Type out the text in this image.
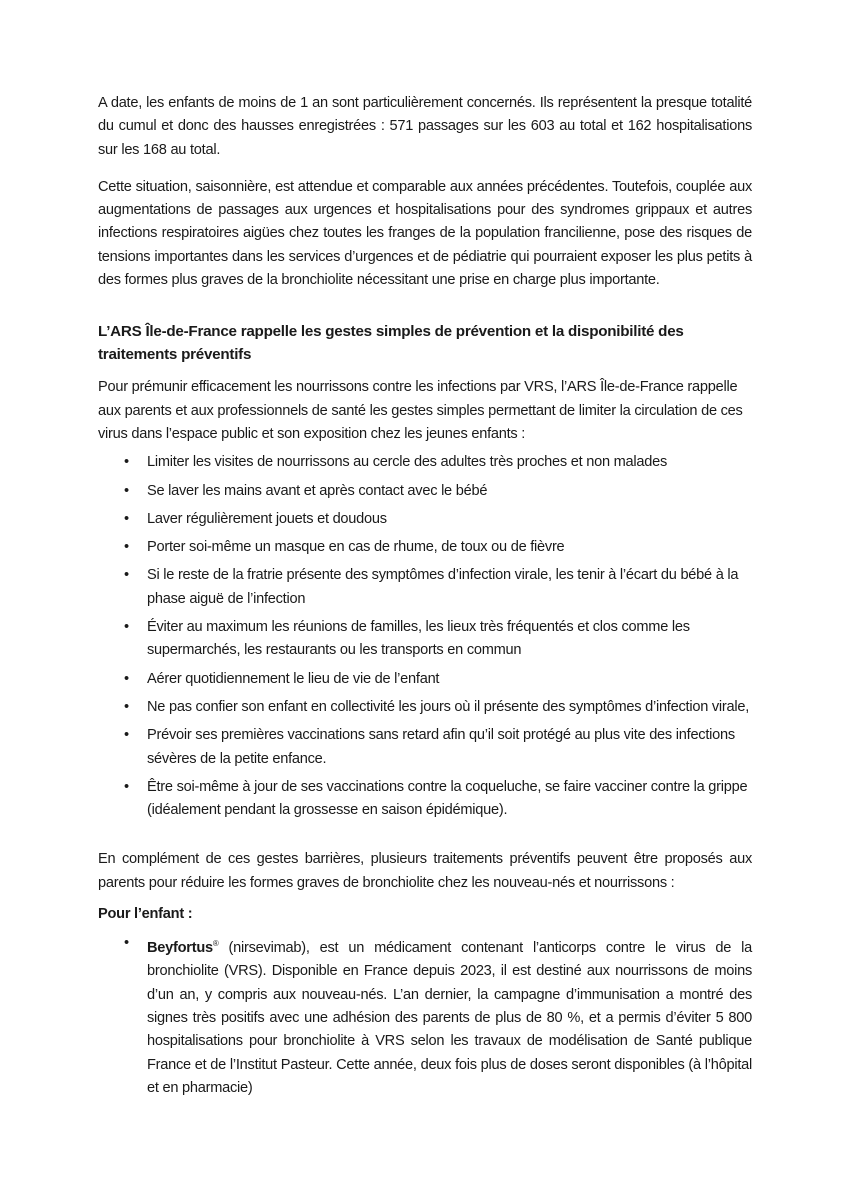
A date, les enfants de moins de 1 an sont particulièrement concernés. Ils représentent la presque totalité du cumul et donc des hausses enregistrées : 571 passages sur les 603 au total et 162 hospitalisations sur les 168 au total.

Cette situation, saisonnière, est attendue et comparable aux années précédentes. Toutefois, couplée aux augmentations de passages aux urgences et hospitalisations pour des syndromes grippaux et autres infections respiratoires aigües chez toutes les franges de la population francilienne, pose des risques de tensions importantes dans les services d’urgences et de pédiatrie qui pourraient exposer les plus petits à des formes plus graves de la bronchiolite nécessitant une prise en charge plus importante.

L’ARS Île-de-France rappelle les gestes simples de prévention et la disponibilité des traitements préventifs

Pour prémunir efficacement les nourrissons contre les infections par VRS, l’ARS Île-de-France rappelle aux parents et aux professionnels de santé les gestes simples permettant de limiter la circulation de ces virus dans l’espace public et son exposition chez les jeunes enfants :

• Limiter les visites de nourrissons au cercle des adultes très proches et non malades
• Se laver les mains avant et après contact avec le bébé
• Laver régulièrement jouets et doudous
• Porter soi-même un masque en cas de rhume, de toux ou de fièvre
• Si le reste de la fratrie présente des symptômes d’infection virale, les tenir à l’écart du bébé à la phase aiguë de l’infection
• Éviter au maximum les réunions de familles, les lieux très fréquentés et clos comme les supermarchés, les restaurants ou les transports en commun
• Aérer quotidiennement le lieu de vie de l’enfant
• Ne pas confier son enfant en collectivité les jours où il présente des symptômes d’infection virale,
• Prévoir ses premières vaccinations sans retard afin qu’il soit protégé au plus vite des infections sévères de la petite enfance.
• Être soi-même à jour de ses vaccinations contre la coqueluche, se faire vacciner contre la grippe (idéalement pendant la grossesse en saison épidémique).

En complément de ces gestes barrières, plusieurs traitements préventifs peuvent être proposés aux parents pour réduire les formes graves de bronchiolite chez les nouveau-nés et nourrissons :

Pour l’enfant :

• Beyfortus® (nirsevimab), est un médicament contenant l’anticorps contre le virus de la bronchiolite (VRS). Disponible en France depuis 2023, il est destiné aux nourrissons de moins d’un an, y compris aux nouveau-nés. L’an dernier, la campagne d’immunisation a montré des signes très positifs avec une adhésion des parents de plus de 80 %, et a permis d’éviter 5 800 hospitalisations pour bronchiolite à VRS selon les travaux de modélisation de Santé publique France et de l’Institut Pasteur. Cette année, deux fois plus de doses seront disponibles (à l’hôpital et en pharmacie)
